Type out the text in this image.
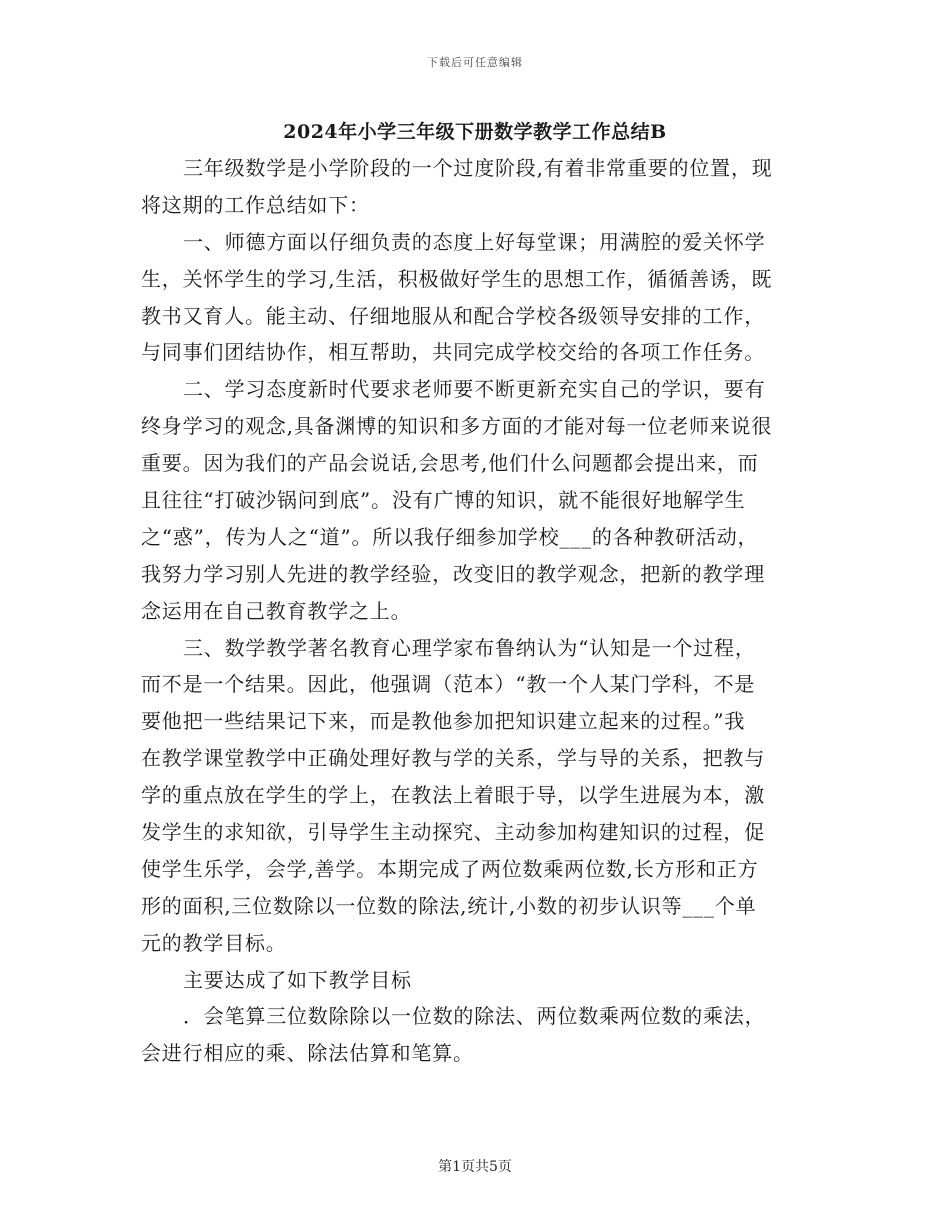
下载后可任意编辑
2024年小学三年级下册数学教学工作总结B
三年级数学是小学阶段的一个过度阶段,有着非常重要的位置，现
将这期的工作总结如下：
一、师德方面以仔细负责的态度上好每堂课；用满腔的爱关怀学
生，关怀学生的学习,生活，积极做好学生的思想工作，循循善诱，既
教书又育人。能主动、仔细地服从和配合学校各级领导安排的工作，
与同事们团结协作，相互帮助，共同完成学校交给的各项工作任务。
二、学习态度新时代要求老师要不断更新充实自己的学识，要有
终身学习的观念,具备渊博的知识和多方面的才能对每一位老师来说很
重要。因为我们的产品会说话,会思考,他们什么问题都会提出来，而
且往往“打破沙锅问到底”。没有广博的知识，就不能很好地解学生
之“惑”，传为人之“道”。所以我仔细参加学校___的各种教研活动，
我努力学习别人先进的教学经验，改变旧的教学观念，把新的教学理
念运用在自己教育教学之上。
三、数学教学著名教育心理学家布鲁纳认为“认知是一个过程，
而不是一个结果。因此，他强调（范本）“教一个人某门学科，不是
要他把一些结果记下来，而是教他参加把知识建立起来的过程。”我
在教学课堂教学中正确处理好教与学的关系，学与导的关系，把教与
学的重点放在学生的学上，在教法上着眼于导，以学生进展为本，激
发学生的求知欲，引导学生主动探究、主动参加构建知识的过程，促
使学生乐学，会学,善学。本期完成了两位数乘两位数,长方形和正方
形的面积,三位数除以一位数的除法,统计,小数的初步认识等___个单
元的教学目标。
主要达成了如下教学目标
．会笔算三位数除除以一位数的除法、两位数乘两位数的乘法，
会进行相应的乘、除法估算和笔算。
第1页共5页
